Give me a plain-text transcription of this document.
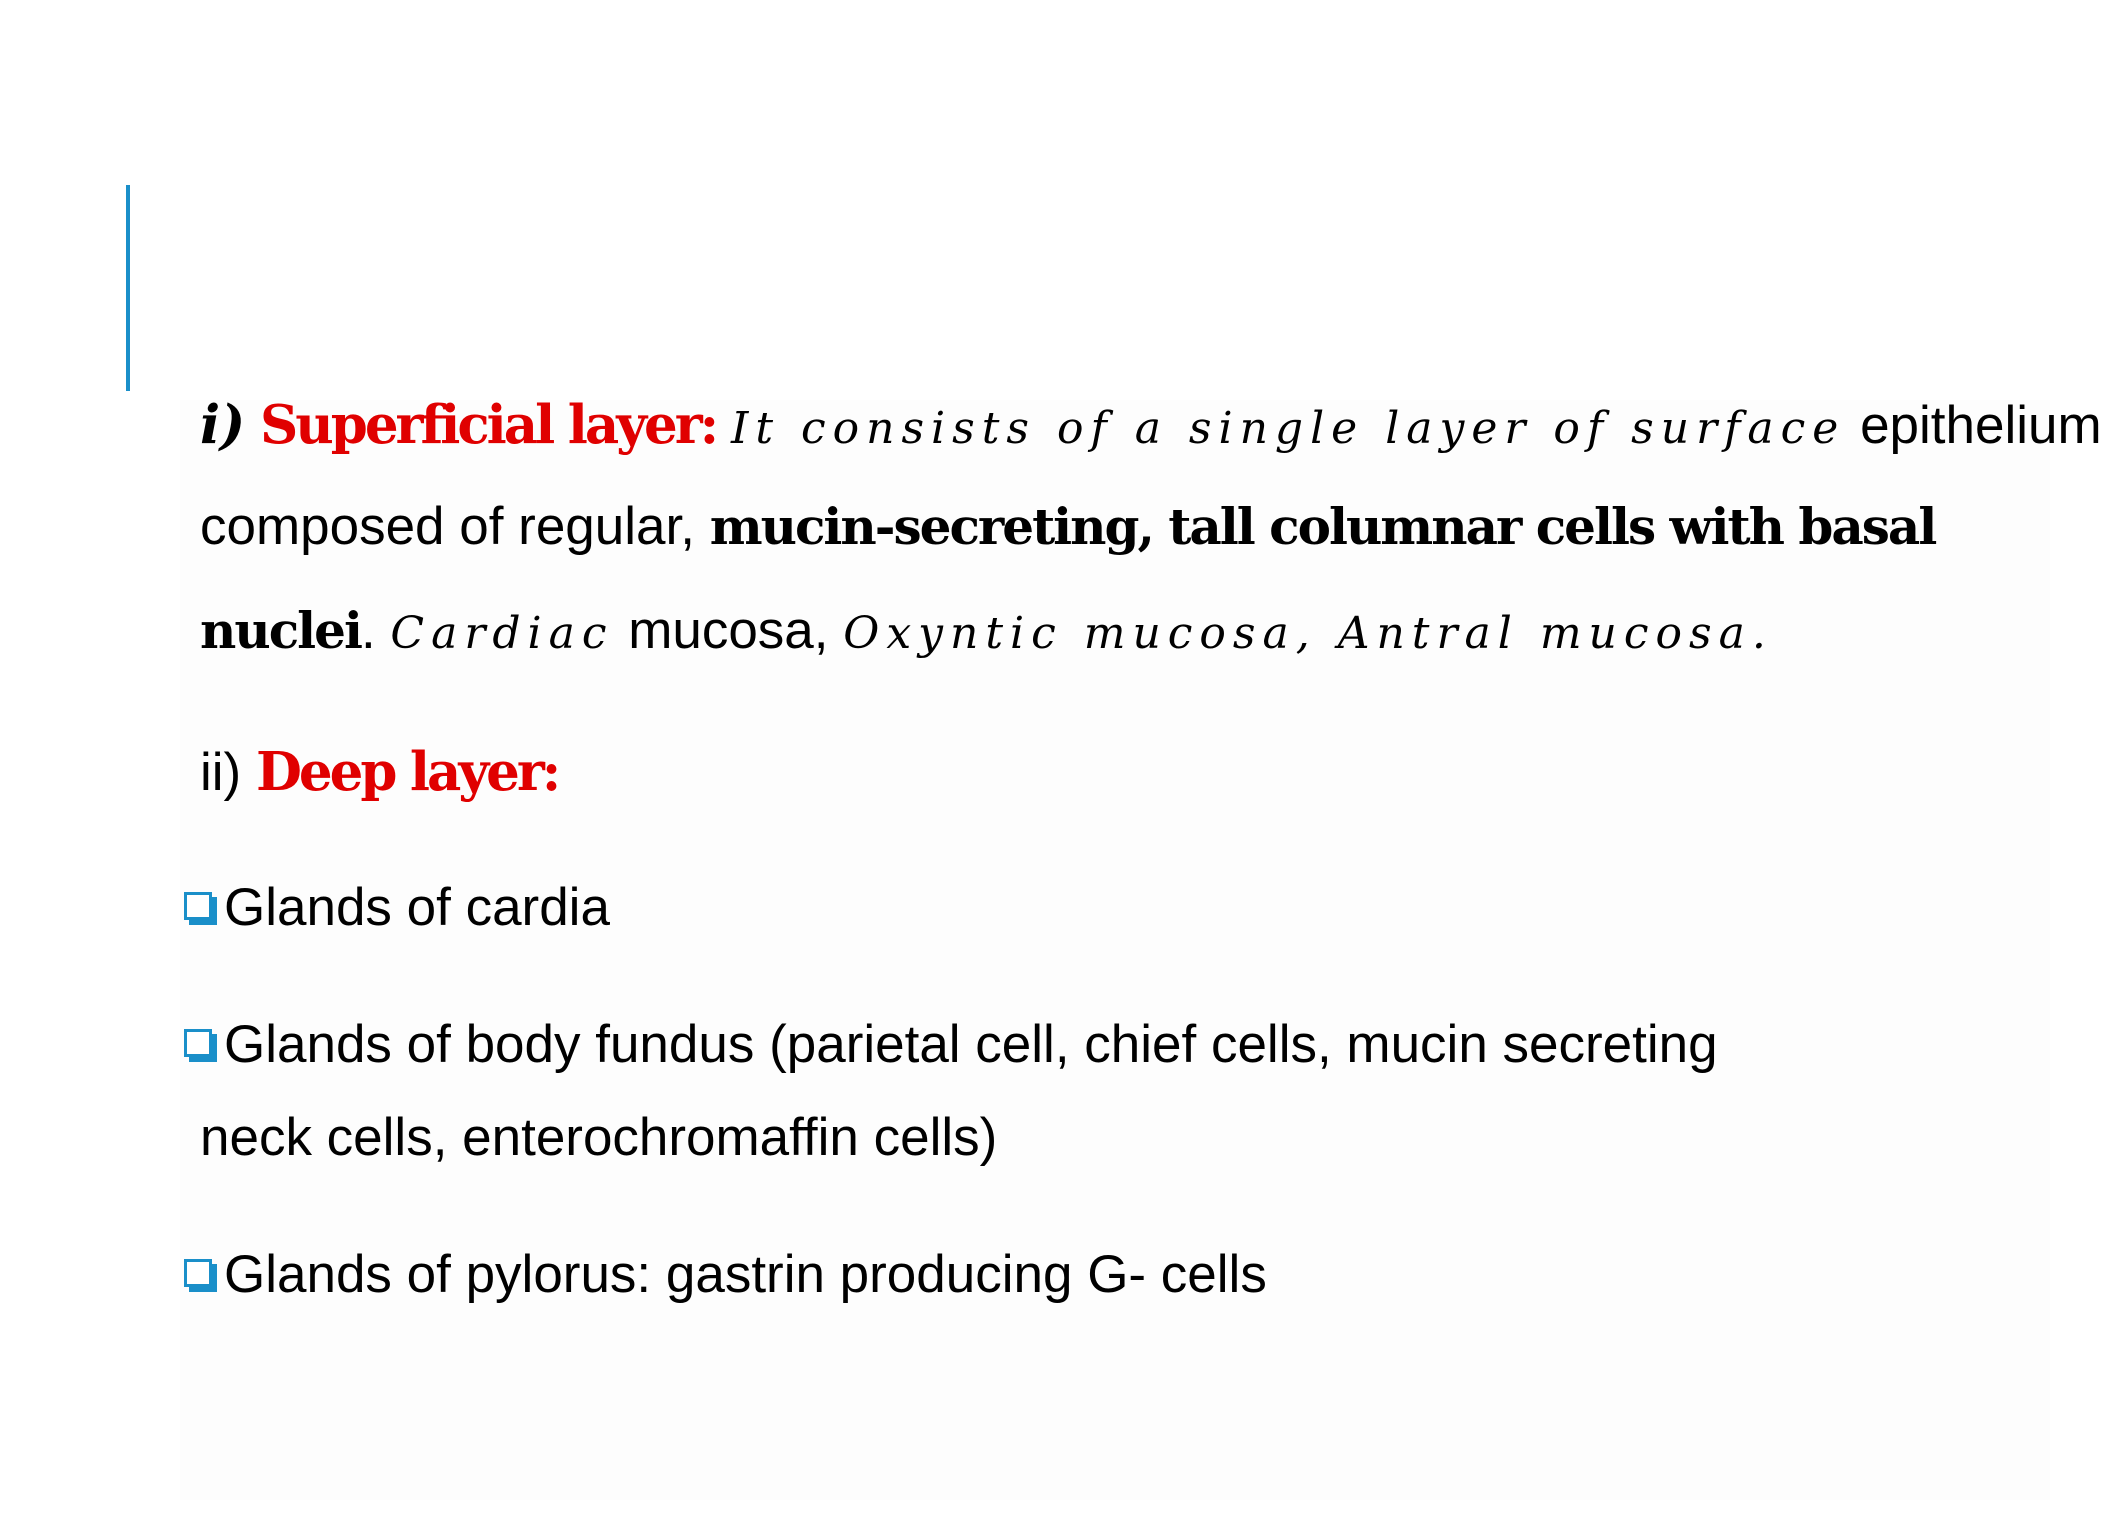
i) Superficial layer: It consists of a single layer of surface epithelium
composed of regular, mucin-secreting, tall columnar cells with basal
nuclei. Cardiac mucosa, Oxyntic mucosa, Antral mucosa.
ii) Deep layer:
Glands of cardia
Glands of body fundus (parietal cell, chief cells, mucin secreting
neck cells, enterochromaffin cells)
Glands of pylorus: gastrin producing G- cells
